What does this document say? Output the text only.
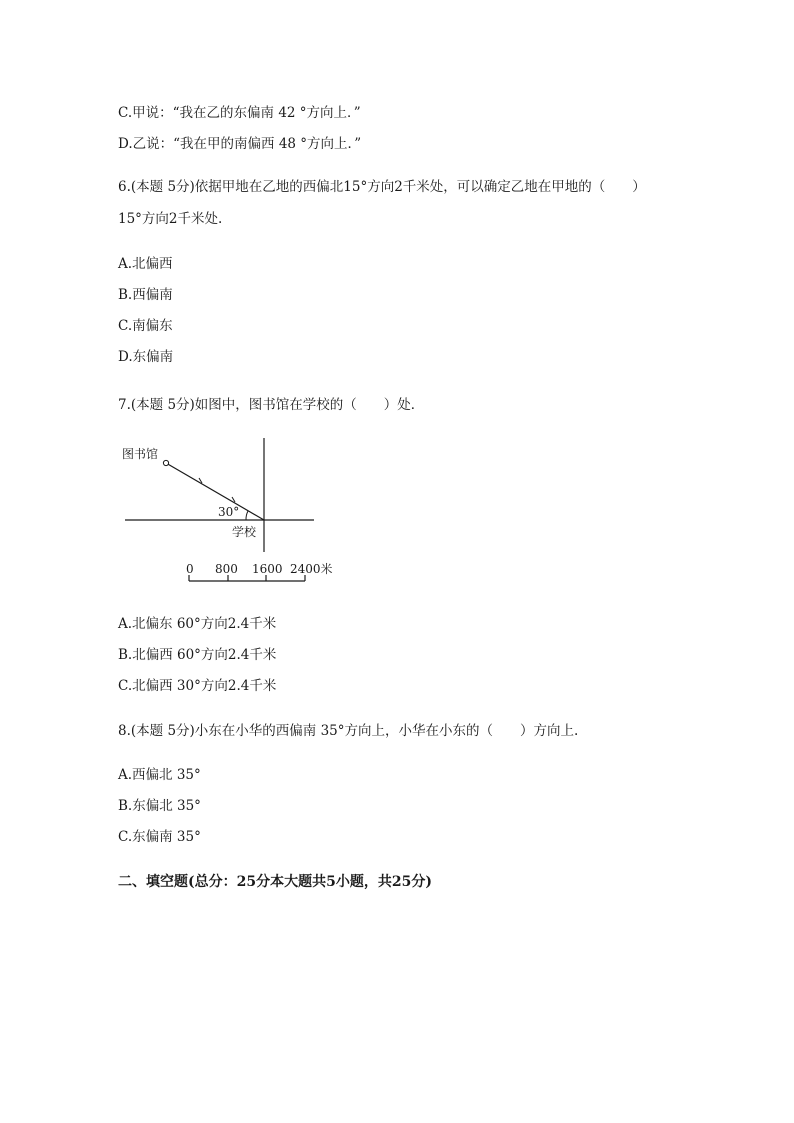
C.甲说：“我在乙的东偏南 42 °方向上．”
D.乙说：“我在甲的南偏西 48 °方向上．”
6.(本题 5分)依据甲地在乙地的西偏北15°方向2千米处，可以确定乙地在甲地的（　　）
15°方向2千米处.
A.北偏西
B.西偏南
C.南偏东
D.东偏南
7.(本题 5分)如图中，图书馆在学校的（　　）处．
图书馆
30°
学校
0 800 1600 2400米
A.北偏东 60°方向2.4千米
B.北偏西 60°方向2.4千米
C.北偏西 30°方向2.4千米
8.(本题 5分)小东在小华的西偏南 35°方向上，小华在小东的（　　）方向上.
A.西偏北 35°
B.东偏北 35°
C.东偏南 35°
二、填空题(总分：25分本大题共5小题，共25分)
